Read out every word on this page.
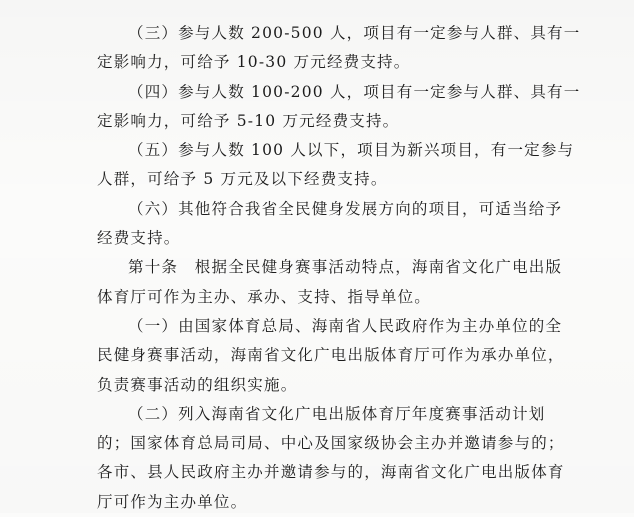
（三）参与人数 200-500 人，项目有一定参与人群、具有一
定影响力，可给予 10-30 万元经费支持。

（四）参与人数 100-200 人，项目有一定参与人群、具有一
定影响力，可给予 5-10 万元经费支持。

（五）参与人数 100 人以下，项目为新兴项目，有一定参与
人群，可给予 5 万元及以下经费支持。

（六）其他符合我省全民健身发展方向的项目，可适当给予
经费支持。

第十条　根据全民健身赛事活动特点，海南省文化广电出版
体育厅可作为主办、承办、支持、指导单位。

（一）由国家体育总局、海南省人民政府作为主办单位的全
民健身赛事活动，海南省文化广电出版体育厅可作为承办单位，
负责赛事活动的组织实施。

（二）列入海南省文化广电出版体育厅年度赛事活动计划
的；国家体育总局司局、中心及国家级协会主办并邀请参与的；
各市、县人民政府主办并邀请参与的，海南省文化广电出版体育
厅可作为主办单位。
